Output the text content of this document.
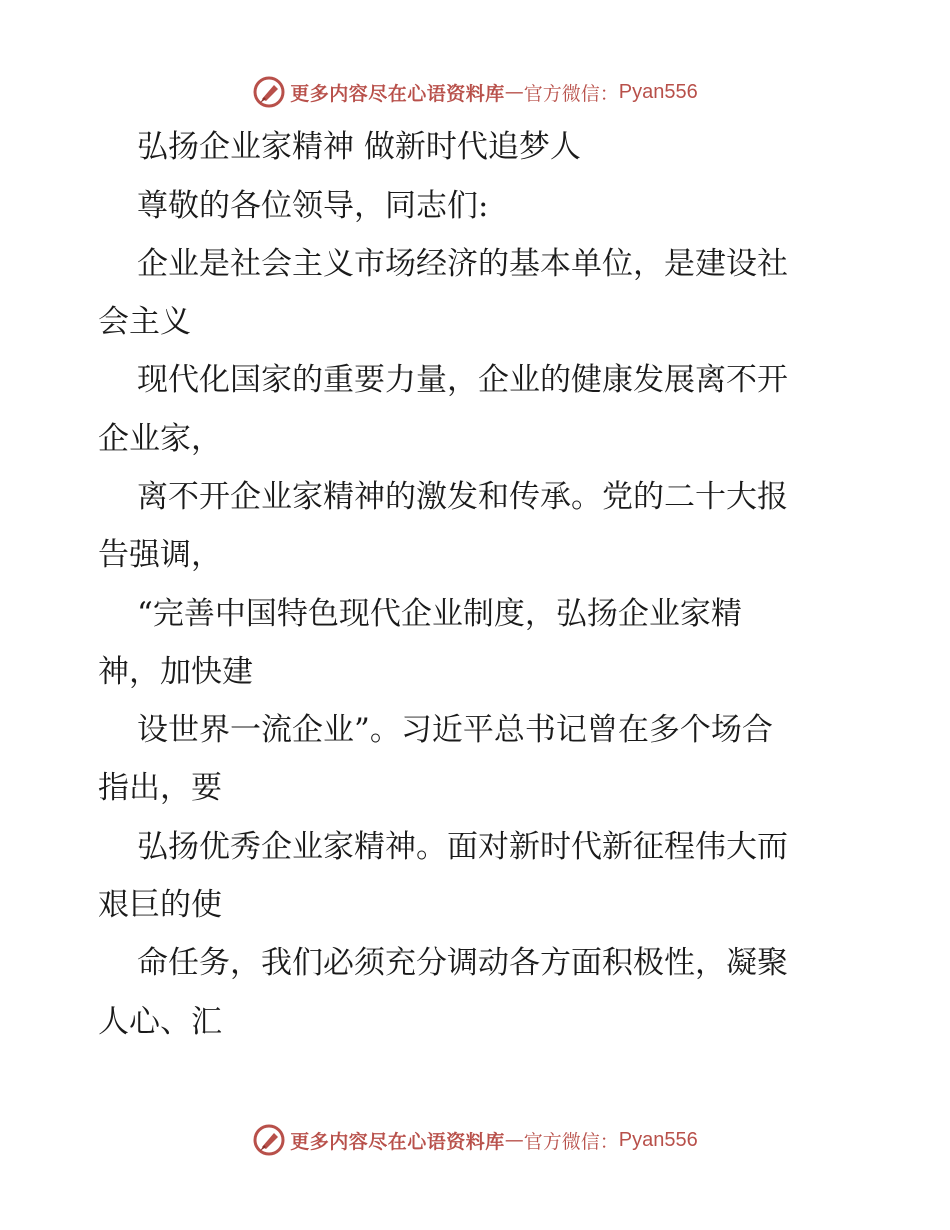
更多内容尽在心语资料库 — 官方微信： Pyan556
弘扬企业家精神 做新时代追梦人
尊敬的各位领导，同志们:
企业是社会主义市场经济的基本单位，是建设社
会主义
现代化国家的重要力量，企业的健康发展离不开
企业家，
离不开企业家精神的激发和传承。党的二十大报
告强调，
“完善中国特色现代企业制度，弘扬企业家精
神，加快建
设世界一流企业”。习近平总书记曾在多个场合
指出，要
弘扬优秀企业家精神。面对新时代新征程伟大而
艰巨的使
命任务，我们必须充分调动各方面积极性，凝聚
人心、汇
更多内容尽在心语资料库 — 官方微信： Pyan556
